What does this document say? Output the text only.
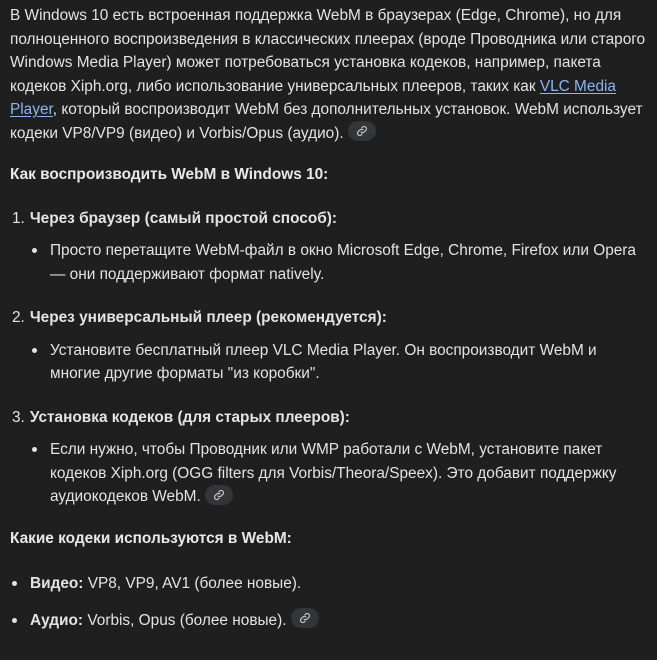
В Windows 10 есть встроенная поддержка WebM в браузерах (Edge, Chrome), но для полноценного воспроизведения в классических плеерах (вроде Проводника или старого Windows Media Player) может потребоваться установка кодеков, например, пакета кодеков Xiph.org, либо использование универсальных плееров, таких как VLC Media Player, который воспроизводит WebM без дополнительных установок. WebM использует кодеки VP8/VP9 (видео) и Vorbis/Opus (аудио).

Как воспроизводить WebM в Windows 10:

1. Через браузер (самый простой способ):
Просто перетащите WebM-файл в окно Microsoft Edge, Chrome, Firefox или Opera — они поддерживают формат natively.
2. Через универсальный плеер (рекомендуется):
Установите бесплатный плеер VLC Media Player. Он воспроизводит WebM и многие другие форматы "из коробки".
3. Установка кодеков (для старых плееров):
Если нужно, чтобы Проводник или WMP работали с WebM, установите пакет кодеков Xiph.org (OGG filters для Vorbis/Theora/Speex). Это добавит поддержку аудиокодеков WebM.

Какие кодеки используются в WebM:

Видео: VP8, VP9, AV1 (более новые).
Аудио: Vorbis, Opus (более новые).
